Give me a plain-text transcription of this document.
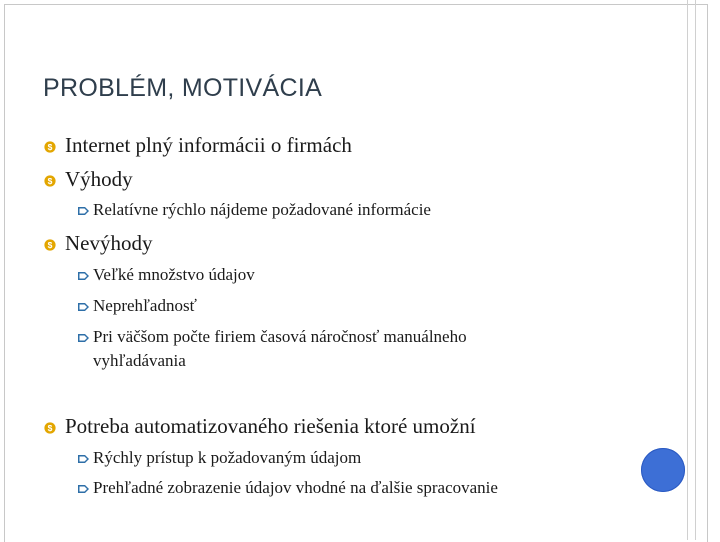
PROBLÉM, MOTIVÁCIA
$ Internet plný informácii o firmách
$ Výhody
Relatívne rýchlo nájdeme požadované informácie
$ Nevýhody
Veľké množstvo údajov
Neprehľadnosť
Pri väčšom počte firiem časová náročnosť manuálneho
vyhľadávania
$ Potreba automatizovaného riešenia ktoré umožní
Rýchly prístup k požadovaným údajom
Prehľadné zobrazenie údajov vhodné na ďalšie spracovanie
